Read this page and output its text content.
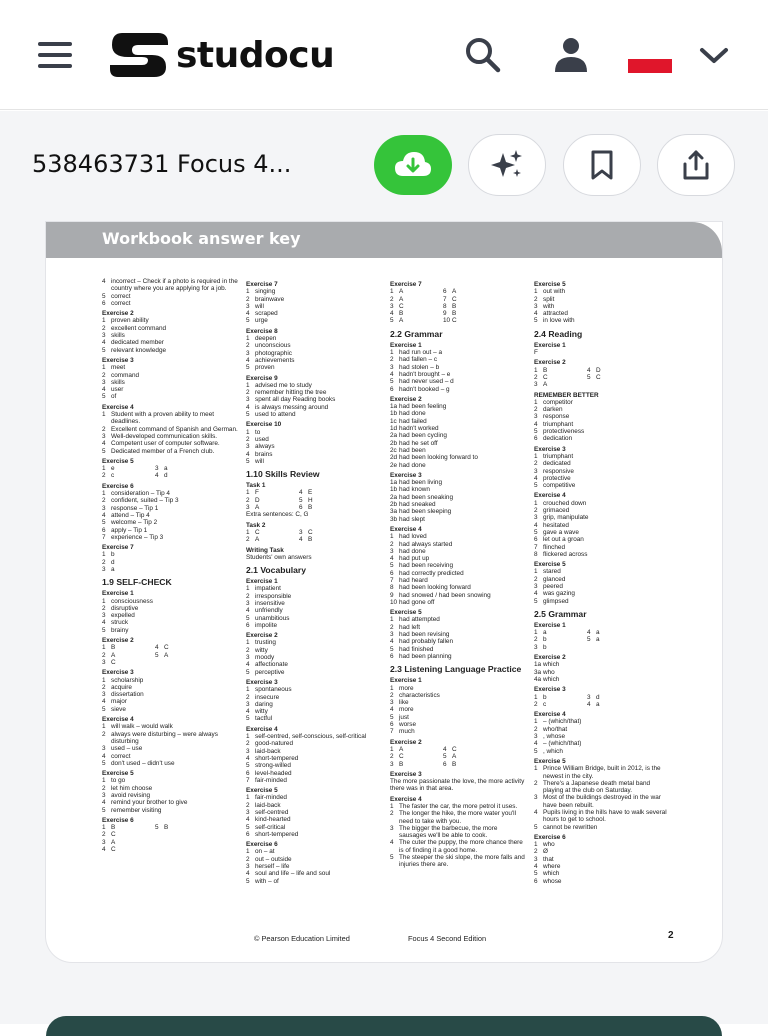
studocu
538463731 Focus 4...
Workbook answer key
4 incorrect – Check if a photo is required in the country where you are applying for a job.
5 correct
6 correct
Exercise 2
1 proven ability
2 excellent command
3 skills
4 dedicated member
5 relevant knowledge
Exercise 3
1 meet
2 command
3 skills
4 user
5 of
Exercise 4
1 Student with a proven ability to meet deadlines.
2 Excellent command of Spanish and German.
3 Well-developed communication skills.
4 Competent user of computer software.
5 Dedicated member of a French club.
Exercise 5
1 e	3 a
2 c	4 d
Exercise 6
1 consideration – Tip 4
2 confident, suited – Tip 3
3 response – Tip 1
4 attend – Tip 4
5 welcome – Tip 2
6 apply – Tip 1
7 experience – Tip 3
Exercise 7
1 b
2 d
3 a
1.9 SELF-CHECK
Exercise 1
1 consciousness
2 disruptive
3 expelled
4 struck
5 brainy
Exercise 2
1 B	4 C
2 A	5 A
3 C
Exercise 3
1 scholarship
2 acquire
3 dissertation
4 major
5 sieve
Exercise 4
1 will walk – would walk
2 always were disturbing – were always disturbing
3 used – use
4 correct
5 don't used – didn't use
Exercise 5
1 to go
2 let him choose
3 avoid revising
4 remind your brother to give
5 remember visiting
Exercise 6
1 B	5 B
2 C
3 A
4 C
Exercise 7
1 singing
2 brainwave
3 will
4 scraped
5 urge
Exercise 8
1 deepen
2 unconscious
3 photographic
4 achievements
5 proven
Exercise 9
1 advised me to study
2 remember hitting the tree
3 spent all day Reading books
4 is always messing around
5 used to attend
Exercise 10
1 to
2 used
3 always
4 brains
5 will
1.10 Skills Review
Task 1
1 F	4 E
2 D	5 H
3 A	6 B
Extra sentences: C, G
Task 2
1 C	3 C
2 A	4 B
Writing Task
Students' own answers
2.1 Vocabulary
Exercise 1
1 impatient
2 irresponsible
3 insensitive
4 unfriendly
5 unambitious
6 impolite
Exercise 2
1 trusting
2 witty
3 moody
4 affectionate
5 perceptive
Exercise 3
1 spontaneous
2 insecure
3 daring
4 witty
5 tactful
Exercise 4
1 self-centred, self-conscious, self-critical
2 good-natured
3 laid-back
4 short-tempered
5 strong-willed
6 level-headed
7 fair-minded
Exercise 5
1 fair-minded
2 laid-back
3 self-centred
4 kind-hearted
5 self-critical
6 short-tempered
Exercise 6
1 on – at
2 out – outside
3 herself – life
4 soul and life – life and soul
5 with – of
Exercise 7
1 A	6 A
2 A	7 C
3 C	8 B
4 B	9 B
5 A	10 C
2.2 Grammar
Exercise 1
1 had run out – a
2 had fallen – c
3 had stolen – b
4 hadn't brought – e
5 had never used – d
6 hadn't booked – g
Exercise 2
1a had been feeling
1b had done
1c had failed
1d hadn't worked
2a had been cycling
2b had he set off
2c had been
2d had been looking forward to
2e had done
Exercise 3
1a had been living
1b had known
2a had been sneaking
2b had sneaked
3a had been sleeping
3b had slept
Exercise 4
1 had loved
2 had always started
3 had done
4 had put up
5 had been receiving
6 had correctly predicted
7 had heard
8 had been looking forward
9 had snowed / had been snowing
10 had gone off
Exercise 5
1 had attempted
2 had left
3 had been revising
4 had probably fallen
5 had finished
6 had been planning
2.3 Listening Language Practice
Exercise 1
1 more
2 characteristics
3 like
4 more
5 just
6 worse
7 much
Exercise 2
1 A	4 C
2 C	5 A
3 B	6 B
Exercise 3
The more passionate the love, the more activity there was in that area.
Exercise 4
1 The faster the car, the more petrol it uses.
2 The longer the hike, the more water you'll need to take with you.
3 The bigger the barbecue, the more sausages we'll be able to cook.
4 The cuter the puppy, the more chance there is of finding it a good home.
5 The steeper the ski slope, the more falls and injuries there are.
Exercise 5
1 out with
2 split
3 with
4 attracted
5 in love with
2.4 Reading
Exercise 1
F
Exercise 2
1 B	4 D
2 C	5 C
3 A
REMEMBER BETTER
1 competitor
2 darken
3 response
4 triumphant
5 protectiveness
6 dedication
Exercise 3
1 triumphant
2 dedicated
3 responsive
4 protective
5 competitive
Exercise 4
1 crouched down
2 grimaced
3 grip, manipulate
4 hesitated
5 gave a wave
6 let out a groan
7 flinched
8 flickered across
Exercise 5
1 stared
2 glanced
3 peered
4 was gazing
5 glimpsed
2.5 Grammar
Exercise 1
1 a	4 a
2 b	5 a
3 b
Exercise 2
1a which
3a who
4a which
Exercise 3
1 b	3 d
2 c	4 a
Exercise 4
1 – (which/that)
2 who/that
3 , whose
4 – (which/that)
5 , which
Exercise 5
1 Prince William Bridge, built in 2012, is the newest in the city.
2 There's a Japanese death metal band playing at the club on Saturday.
3 Most of the buildings destroyed in the war have been rebuilt.
4 Pupils living in the hills have to walk several hours to get to school.
5 cannot be rewritten
Exercise 6
1 who
2 Ø
3 that
4 where
5 which
6 whose
© Pearson Education Limited	Focus 4 Second Edition	2
